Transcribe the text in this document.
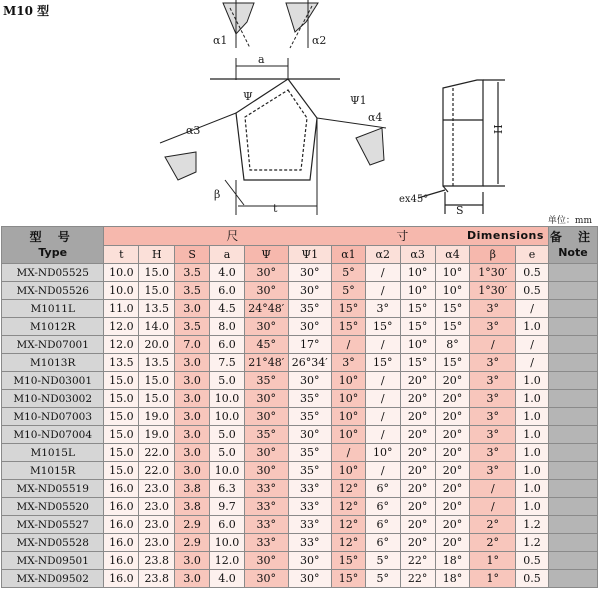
M10 型
α1	α2
a
Ψ	Ψ1
α4
α3
β
t
H
ex45°
S
单位：mm
型 号
Type	尺 寸 Dimensions												备 注
Note

	t	H	S	a	Ψ	Ψ1	α1	α2	α3	α4	β	e	
MX-ND05525	10.0	15.0	3.5	4.0	30°	30°	5°	/	10°	10°	1°30′	0.5	
MX-ND05526	10.0	15.0	3.5	6.0	30°	30°	5°	/	10°	10°	1°30′	0.5	
M1011L	11.0	13.5	3.0	4.5	24°48′	35°	15°	3°	15°	15°	3°	/	
M1012R	12.0	14.0	3.5	8.0	30°	30°	15°	15°	15°	15°	3°	1.0	
MX-ND07001	12.0	20.0	7.0	6.0	45°	17°	/	/	10°	8°	/	/	
M1013R	13.5	13.5	3.0	7.5	21°48′	26°34′	3°	15°	15°	15°	3°	/	
M10-ND03001	15.0	15.0	3.0	5.0	35°	30°	10°	/	20°	20°	3°	1.0	
M10-ND03002	15.0	15.0	3.0	10.0	30°	35°	10°	/	20°	20°	3°	1.0	
M10-ND07003	15.0	19.0	3.0	10.0	30°	35°	10°	/	20°	20°	3°	1.0	
M10-ND07004	15.0	19.0	3.0	5.0	35°	30°	10°	/	20°	20°	3°	1.0	
M1015L	15.0	22.0	3.0	5.0	30°	35°	/	10°	20°	20°	3°	1.0	
M1015R	15.0	22.0	3.0	10.0	30°	35°	10°	/	20°	20°	3°	1.0	
MX-ND05519	16.0	23.0	3.8	6.3	33°	33°	12°	6°	20°	20°	/	1.0	
MX-ND05520	16.0	23.0	3.8	9.7	33°	33°	12°	6°	20°	20°	/	1.0	
MX-ND05527	16.0	23.0	2.9	6.0	33°	33°	12°	6°	20°	20°	2°	1.2	
MX-ND05528	16.0	23.0	2.9	10.0	33°	33°	12°	6°	20°	20°	2°	1.2	
MX-ND09501	16.0	23.8	3.0	12.0	30°	30°	15°	5°	22°	18°	1°	0.5	
MX-ND09502	16.0	23.8	3.0	4.0	30°	30°	15°	5°	22°	18°	1°	0.5	
